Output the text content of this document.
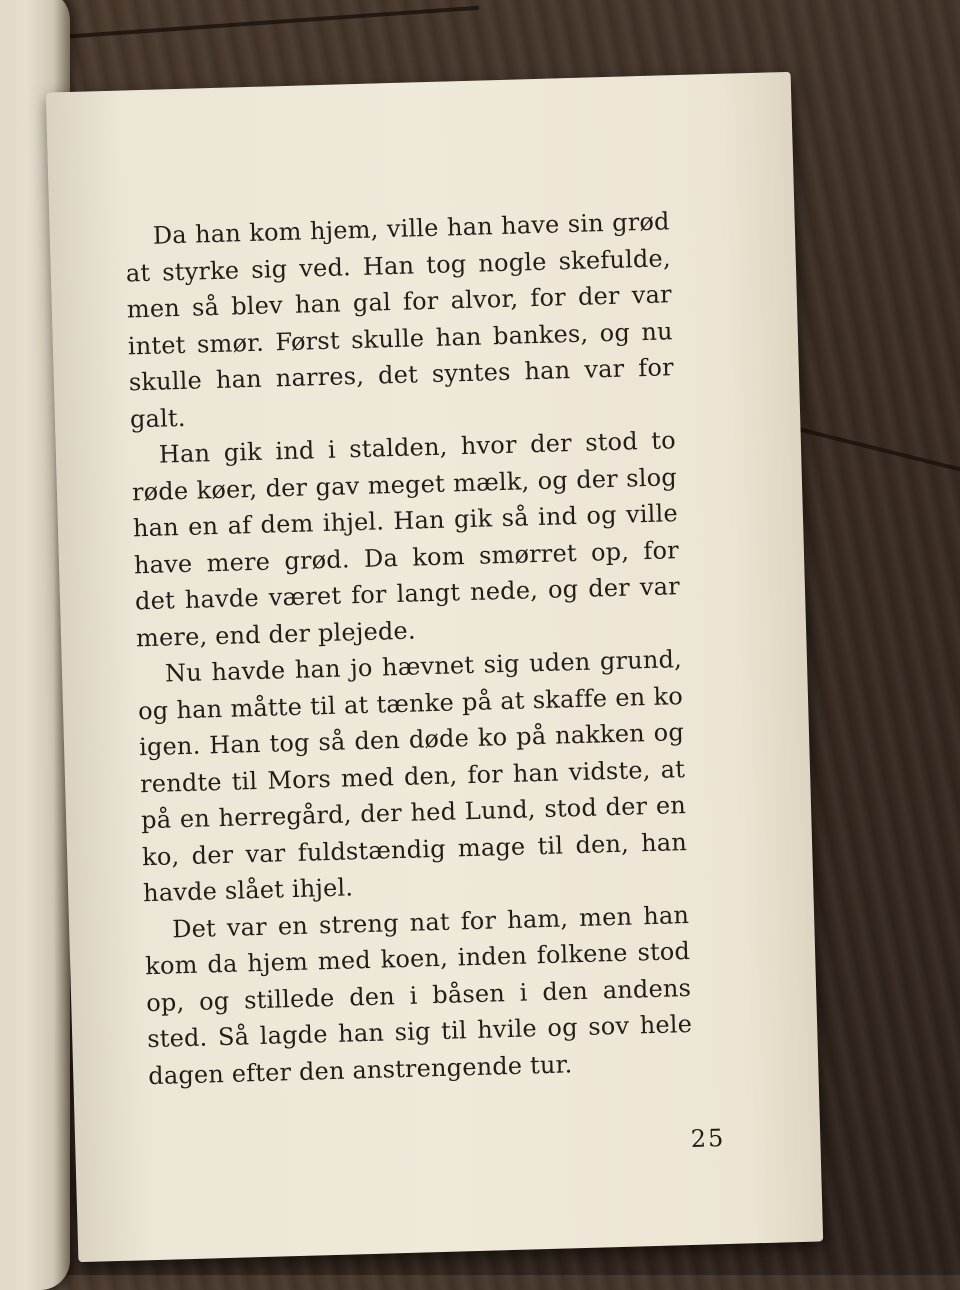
Da han kom hjem, ville han have sin grød at styrke sig ved. Han tog nogle skefulde, men så blev han gal for alvor, for der var intet smør. Først skulle han bankes, og nu skulle han narres, det syntes han var for galt.

Han gik ind i stalden, hvor der stod to røde køer, der gav meget mælk, og der slog han en af dem ihjel. Han gik så ind og ville have mere grød. Da kom smørret op, for det havde været for langt nede, og der var mere, end der plejede.

Nu havde han jo hævnet sig uden grund, og han måtte til at tænke på at skaffe en ko igen. Han tog så den døde ko på nakken og rendte til Mors med den, for han vidste, at på en herregård, der hed Lund, stod der en ko, der var fuldstændig mage til den, han havde slået ihjel.

Det var en streng nat for ham, men han kom da hjem med koen, inden folkene stod op, og stillede den i båsen i den andens sted. Så lagde han sig til hvile og sov hele dagen efter den anstrengende tur.

25
